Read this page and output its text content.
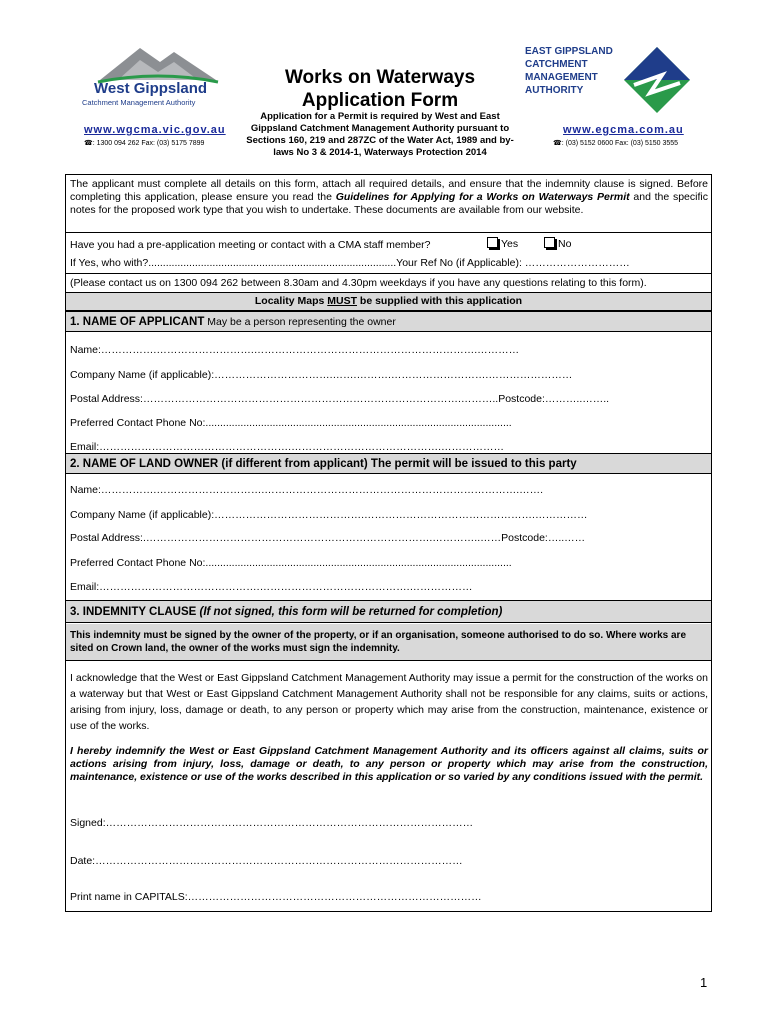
West Gippsland
Catchment Management Authority
www.wgcma.vic.gov.au
☎: 1300 094 262 Fax: (03) 5175 7899
Works on Waterways
Application Form
Application for a Permit is required by West and East Gippsland Catchment Management Authority pursuant to Sections 160, 219 and 287ZC of the Water Act, 1989 and by-laws No 3 & 2014-1, Waterways Protection 2014
EAST GIPPSLAND
CATCHMENT
MANAGEMENT
AUTHORITY
www.egcma.com.au
☎: (03) 5152 0600 Fax: (03) 5150 3555
The applicant must complete all details on this form, attach all required details, and ensure that the indemnity clause is signed. Before completing this application, please ensure you read the Guidelines for Applying for a Works on Waterways Permit and the specific notes for the proposed work type that you wish to undertake. These documents are available from our website.
Have you had a pre-application meeting or contact with a CMA staff member?	Yes	No
If Yes, who with?.....................................................................................Your Ref No (if Applicable): …………………………
(Please contact us on 1300 094 262 between 8.30am and 4.30pm weekdays if you have any questions relating to this form).
Locality Maps MUST be supplied with this application
1. NAME OF APPLICANT May be a person representing the owner
Name:…………….……………………….……………………………………………………….…………
Company Name (if applicable):…………………………….…….……….……………………….……………………
Postal Address:……………………………………………………………………………….………..Postcode:………..……..
Preferred Contact Phone No:.........................................................................................................
Email:……………………………………………….…………………………………….………………
2. NAME OF LAND OWNER (if different from applicant) The permit will be issued to this party
Name:…………….………………………….……………………………………………………………….…….
Company Name (if applicable):…………………………………….………………………………………….……………
Postal Address:.……………………………………………………………………….…………..……Postcode:…..……
Preferred Contact Phone No:.........................................................................................................
Email:……………………………………….…………………………………….………………
3. INDEMNITY CLAUSE (If not signed, this form will be returned for completion)
This indemnity must be signed by the owner of the property, or if an organisation, someone authorised to do so. Where works are sited on Crown land, the owner of the works must sign the indemnity.
I acknowledge that the West or East Gippsland Catchment Management Authority may issue a permit for the construction of the works on a waterway but that West or East Gippsland Catchment Management Authority shall not be responsible for any claims, suits or actions, arising from injury, loss, damage or death, to any person or property which may arise from the construction, maintenance, existence or use of the works.
I hereby indemnify the West or East Gippsland Catchment Management Authority and its officers against all claims, suits or actions arising from injury, loss, damage or death, to any person or property which may arise from the construction, maintenance, existence or use of the works described in this application or so varied by any conditions issued with the permit.
Signed:……………………………………………………………………………………………
Date:……………………………………………………………………………………………
Print name in CAPITALS:…………………………………………………………………………
1
